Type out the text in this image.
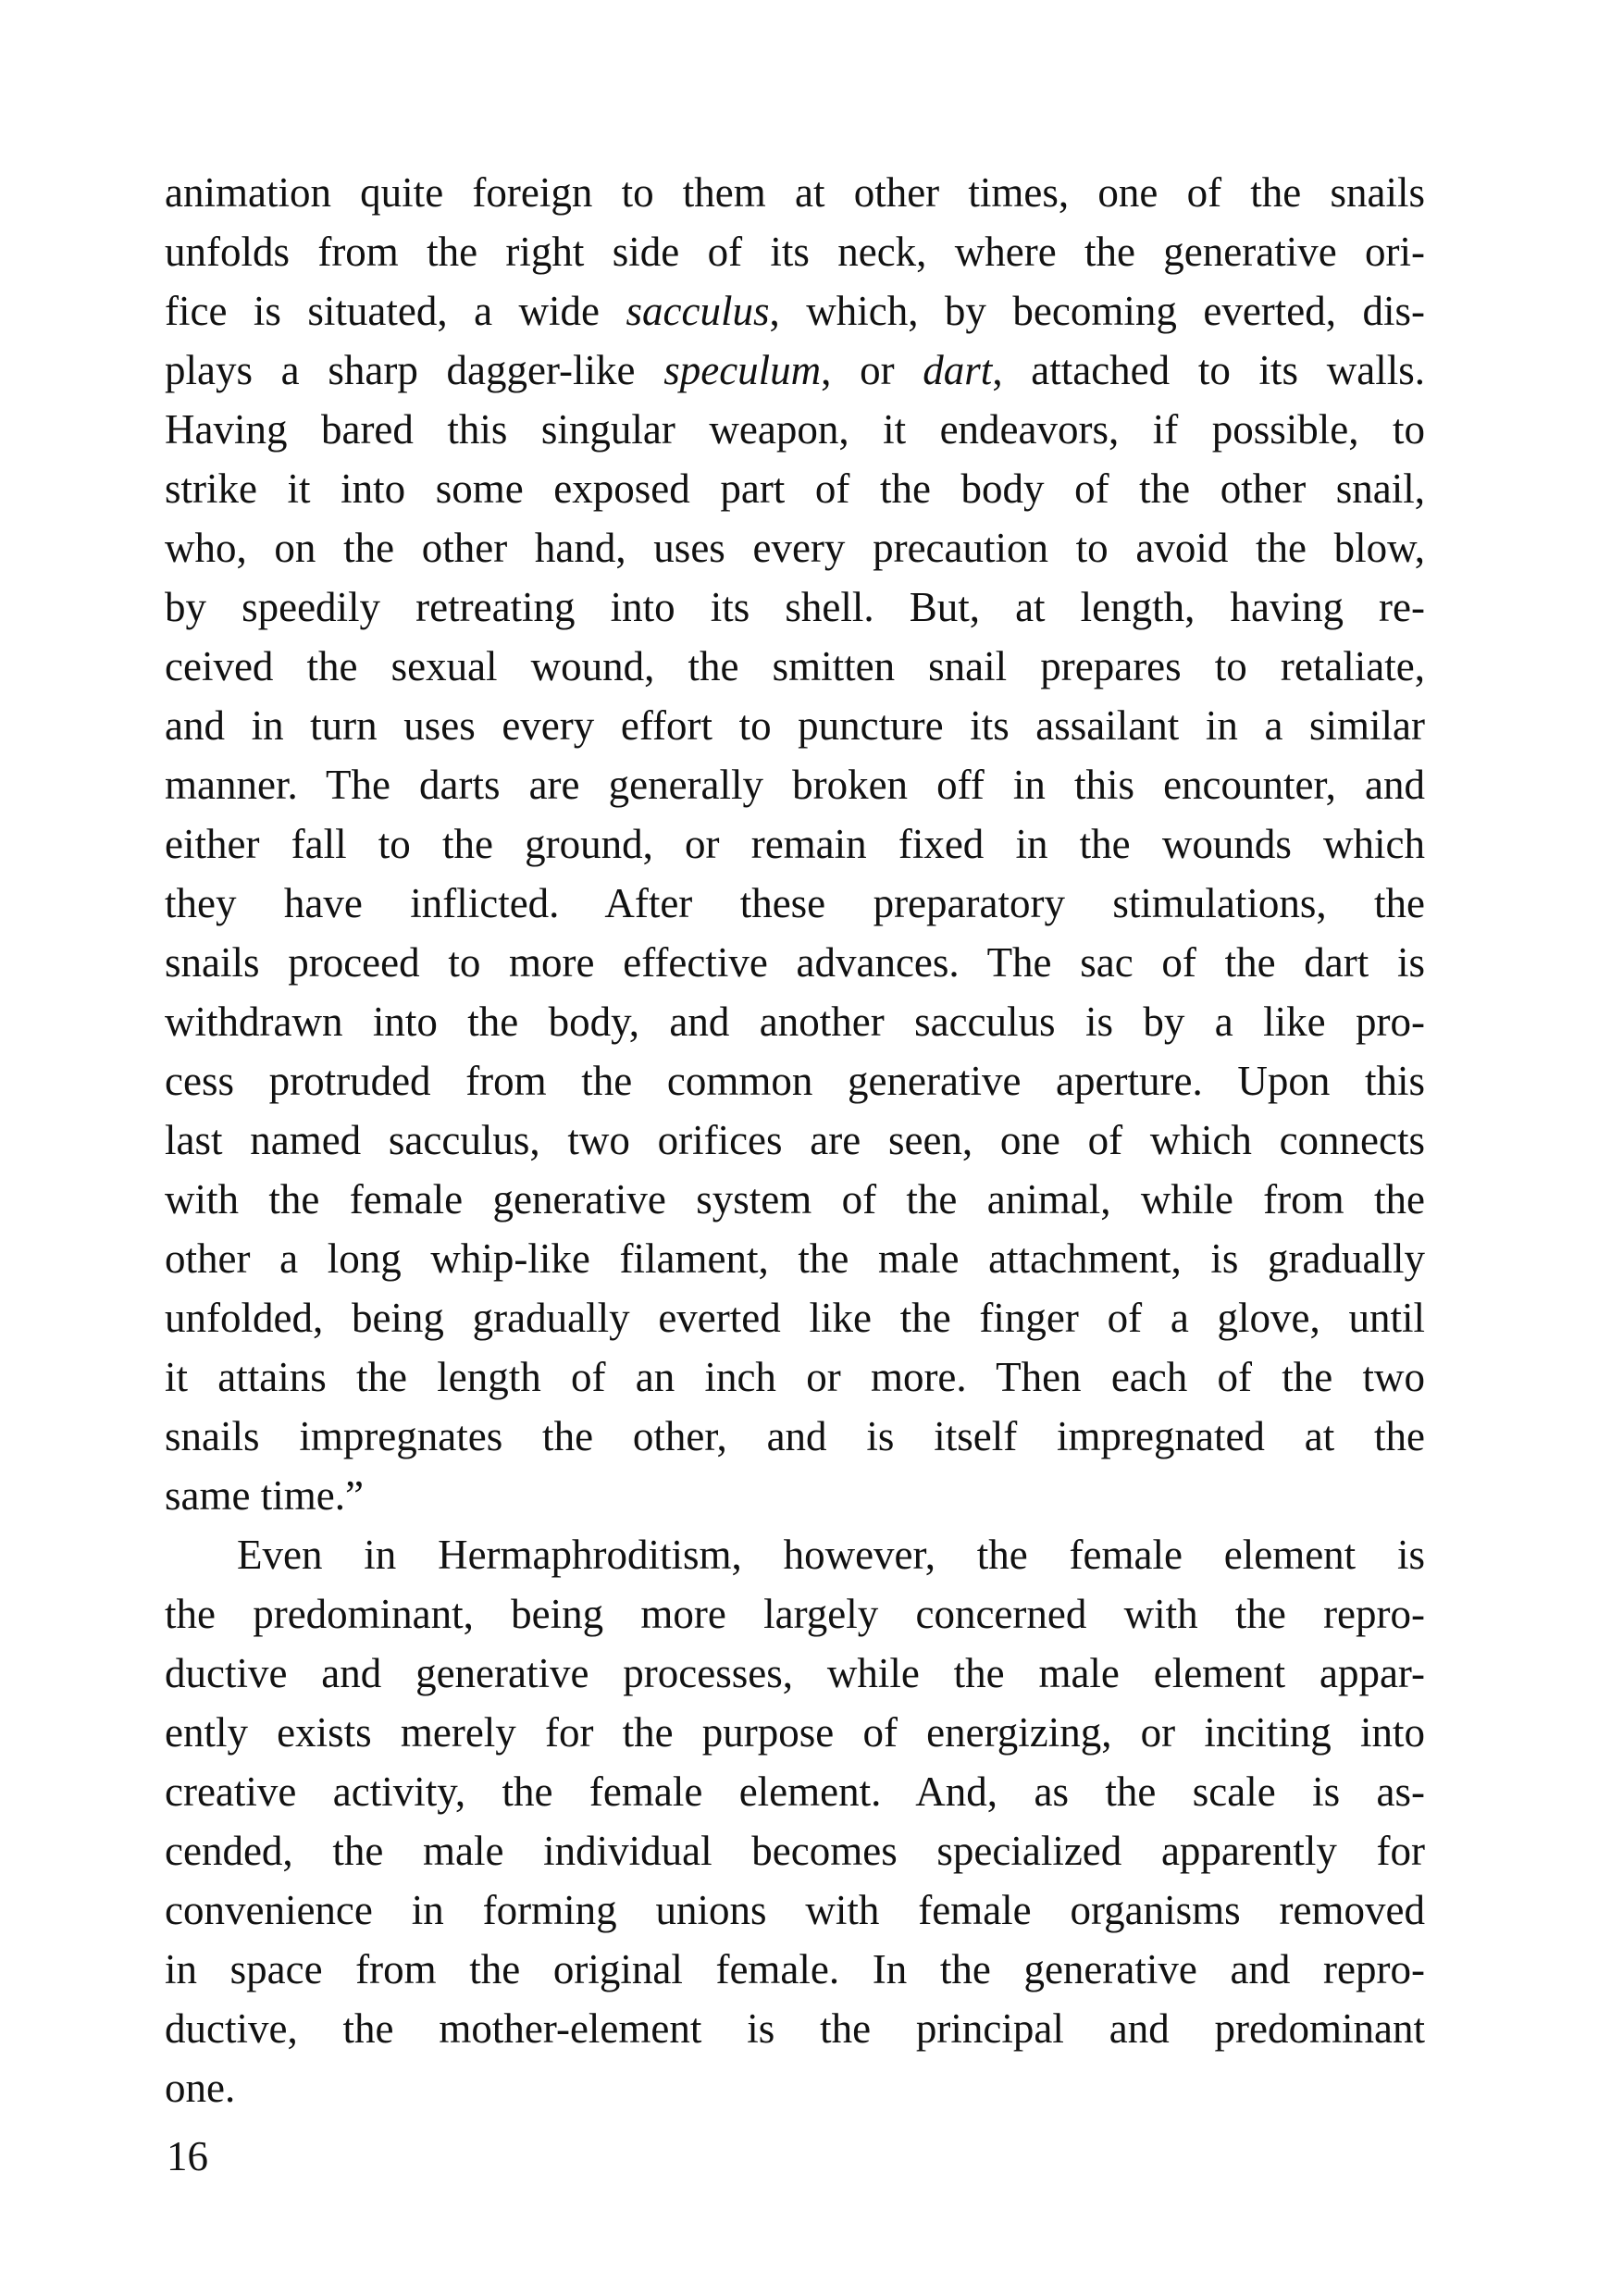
animation quite foreign to them at other times, one of the snails
unfolds from the right side of its neck, where the generative ori-
fice is situated, a wide sacculus, which, by becoming everted, dis-
plays a sharp dagger-like speculum, or dart, attached to its walls.
Having bared this singular weapon, it endeavors, if possible, to
strike it into some exposed part of the body of the other snail,
who, on the other hand, uses every precaution to avoid the blow,
by speedily retreating into its shell. But, at length, having re-
ceived the sexual wound, the smitten snail prepares to retaliate,
and in turn uses every effort to puncture its assailant in a similar
manner. The darts are generally broken off in this encounter, and
either fall to the ground, or remain fixed in the wounds which
they have inflicted. After these preparatory stimulations, the
snails proceed to more effective advances. The sac of the dart is
withdrawn into the body, and another sacculus is by a like pro-
cess protruded from the common generative aperture. Upon this
last named sacculus, two orifices are seen, one of which connects
with the female generative system of the animal, while from the
other a long whip-like filament, the male attachment, is gradually
unfolded, being gradually everted like the finger of a glove, until
it attains the length of an inch or more. Then each of the two
snails impregnates the other, and is itself impregnated at the
same time.”
Even in Hermaphroditism, however, the female element is
the predominant, being more largely concerned with the repro-
ductive and generative processes, while the male element appar-
ently exists merely for the purpose of energizing, or inciting into
creative activity, the female element. And, as the scale is as-
cended, the male individual becomes specialized apparently for
convenience in forming unions with female organisms removed
in space from the original female. In the generative and repro-
ductive, the mother-element is the principal and predominant
one.
16
